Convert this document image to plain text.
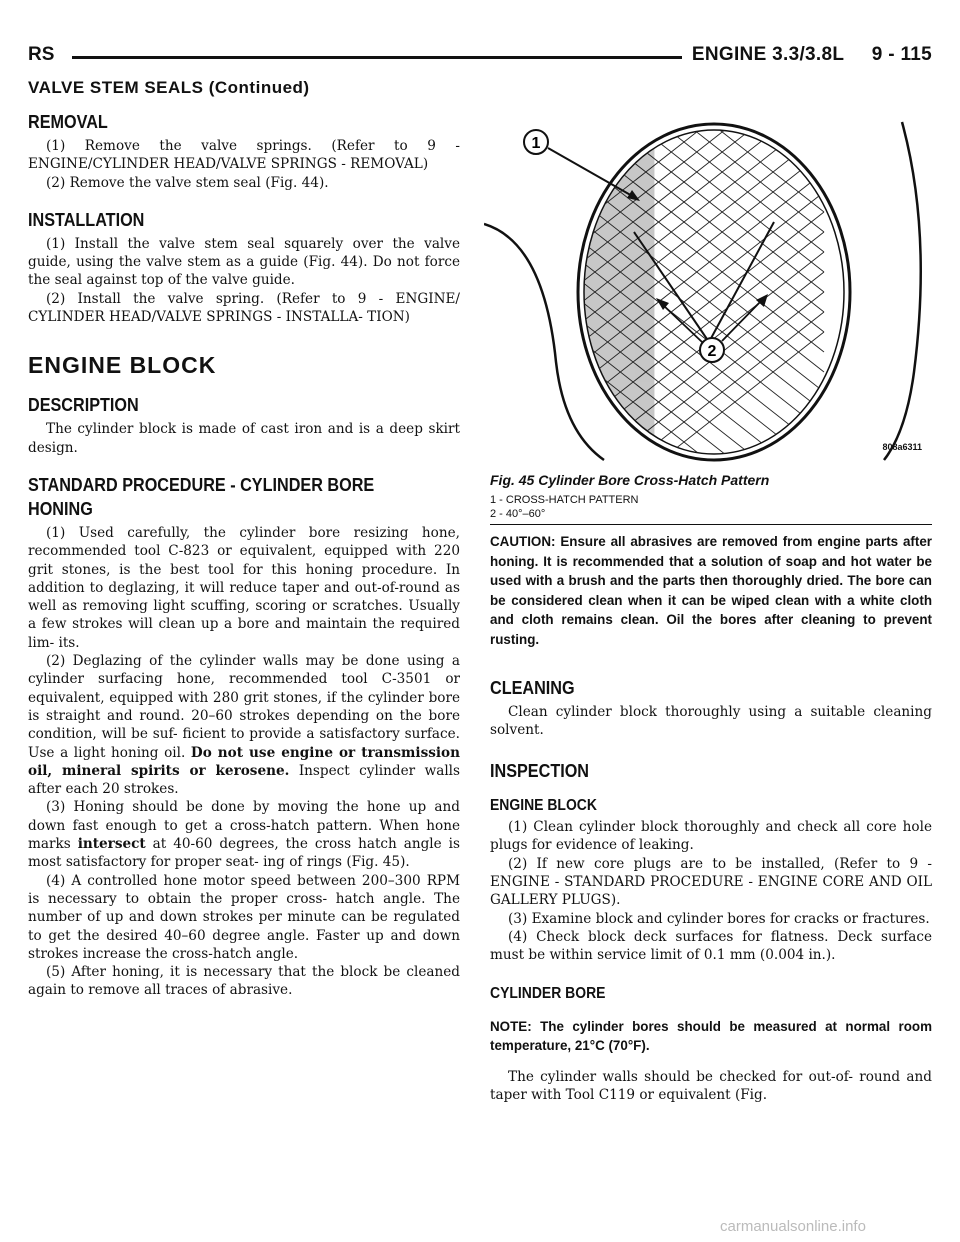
RS	ENGINE 3.3/3.8L     9 - 115
VALVE STEM SEALS (Continued)
REMOVAL

(1) Remove the valve springs. (Refer to 9 - ENGINE/CYLINDER HEAD/VALVE SPRINGS - REMOVAL)

(2) Remove the valve stem seal (Fig. 44).

INSTALLATION

(1) Install the valve stem seal squarely over the valve guide, using the valve stem as a guide (Fig. 44). Do not force the seal against top of the valve guide.

(2) Install the valve spring. (Refer to 9 - ENGINE/ CYLINDER HEAD/VALVE SPRINGS - INSTALLA- TION)

ENGINE BLOCK
DESCRIPTION

The cylinder block is made of cast iron and is a deep skirt design.

STANDARD PROCEDURE - CYLINDER BORE HONING

(1) Used carefully, the cylinder bore resizing hone, recommended tool C-823 or equivalent, equipped with 220 grit stones, is the best tool for this honing procedure. In addition to deglazing, it will reduce taper and out-of-round as well as removing light scuffing, scoring or scratches. Usually a few strokes will clean up a bore and maintain the required lim- its.

(2) Deglazing of the cylinder walls may be done using a cylinder surfacing hone, recommended tool C-3501 or equivalent, equipped with 280 grit stones, if the cylinder bore is straight and round. 20–60 strokes depending on the bore condition, will be suf- ficient to provide a satisfactory surface. Use a light honing oil. Do not use engine or transmission oil, mineral spirits or kerosene. Inspect cylinder walls after each 20 strokes.

(3) Honing should be done by moving the hone up and down fast enough to get a cross-hatch pattern. When hone marks intersect at 40-60 degrees, the cross hatch angle is most satisfactory for proper seat- ing of rings (Fig. 45).

(4) A controlled hone motor speed between 200–300 RPM is necessary to obtain the proper cross- hatch angle. The number of up and down strokes per minute can be regulated to get the desired 40–60 degree angle. Faster up and down strokes increase the cross-hatch angle.

(5) After honing, it is necessary that the block be cleaned again to remove all traces of abrasive.

1
2
808a6311
Fig. 45 Cylinder Bore Cross-Hatch Pattern
1 - CROSS-HATCH PATTERN
2 - 40°–60°
CAUTION: Ensure all abrasives are removed from engine parts after honing. It is recommended that a solution of soap and hot water be used with a brush and the parts then thoroughly dried. The bore can be considered clean when it can be wiped clean with a white cloth and cloth remains clean. Oil the bores after cleaning to prevent rusting.
CLEANING

Clean cylinder block thoroughly using a suitable cleaning solvent.

INSPECTION
ENGINE BLOCK

(1) Clean cylinder block thoroughly and check all core hole plugs for evidence of leaking.

(2) If new core plugs are to be installed, (Refer to 9 - ENGINE - STANDARD PROCEDURE - ENGINE CORE AND OIL GALLERY PLUGS).

(3) Examine block and cylinder bores for cracks or fractures.

(4) Check block deck surfaces for flatness. Deck surface must be within service limit of 0.1 mm (0.004 in.).

CYLINDER BORE
NOTE: The cylinder bores should be measured at normal room temperature, 21°C (70°F).

The cylinder walls should be checked for out-of- round and taper with Tool C119 or equivalent (Fig.

carmanualsonline.info
